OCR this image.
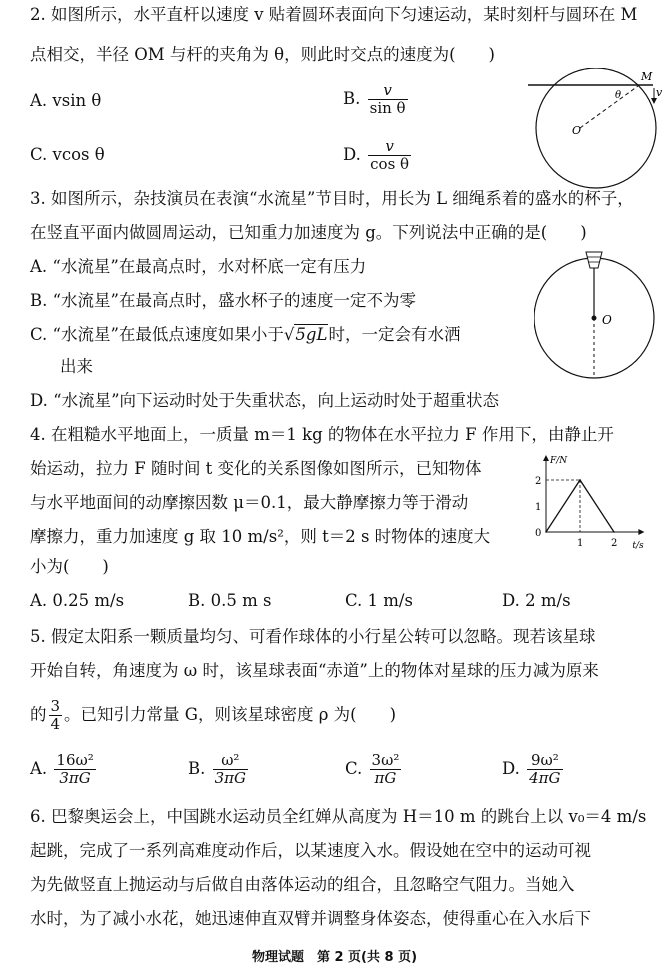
2. 如图所示，水平直杆以速度 v 贴着圆环表面向下匀速运动，某时刻杆与圆环在 M
点相交，半径 OM 与杆的夹角为 θ，则此时交点的速度为(　　)
A. vsin θ	B. $\frac{v}{\text{sin θ}}$
C. vcos θ	D. $\frac{v}{\text{cos θ}}$
M
v
θ
O
3. 如图所示，杂技演员在表演“水流星”节目时，用长为 L 细绳系着的盛水的杯子，
在竖直平面内做圆周运动，已知重力加速度为 g。下列说法中正确的是(　　)
A. “水流星”在最高点时，水对杯底一定有压力
B. “水流星”在最高点时，盛水杯子的速度一定不为零
C. “水流星”在最低点速度如果小于√5gL时，一定会有水洒
出来
D. “水流星”向下运动时处于失重状态，向上运动时处于超重状态
O
4. 在粗糙水平地面上，一质量 m＝1 kg 的物体在水平拉力 F 作用下，由静止开
始运动，拉力 F 随时间 t 变化的关系图像如图所示，已知物体
与水平地面间的动摩擦因数 μ＝0.1，最大静摩擦力等于滑动
摩擦力，重力加速度 g 取 10 m/s²，则 t＝2 s 时物体的速度大
小为(　　)
A. 0.25 m/s	B. 0.5 m s	C. 1 m/s	D. 2 m/s
F/N
t/s
0
1
2
1	2
5. 假定太阳系一颗质量均匀、可看作球体的小行星公转可以忽略。现若该星球
开始自转，角速度为 ω 时，该星球表面“赤道”上的物体对星球的压力减为原来
的 $\frac{3}{4}$ 。已知引力常量 G，则该星球密度 ρ 为(　　)
A. $\frac{\text{16ω²}}{3\pi G}$	B. $\frac{\text{ω²}}{3\pi G}$	C. $\frac{\text{3ω²}}{\pi G}$	D. $\frac{\text{9ω²}}{4\pi G}$
6. 巴黎奥运会上，中国跳水运动员全红婵从高度为 H＝10 m 的跳台上以 v₀＝4 m/s
起跳，完成了一系列高难度动作后，以某速度入水。假设她在空中的运动可视
为先做竖直上抛运动与后做自由落体运动的组合，且忽略空气阻力。当她入
水时，为了减小水花，她迅速伸直双臂并调整身体姿态，使得重心在入水后下
物理试题　第 2 页(共 8 页)
